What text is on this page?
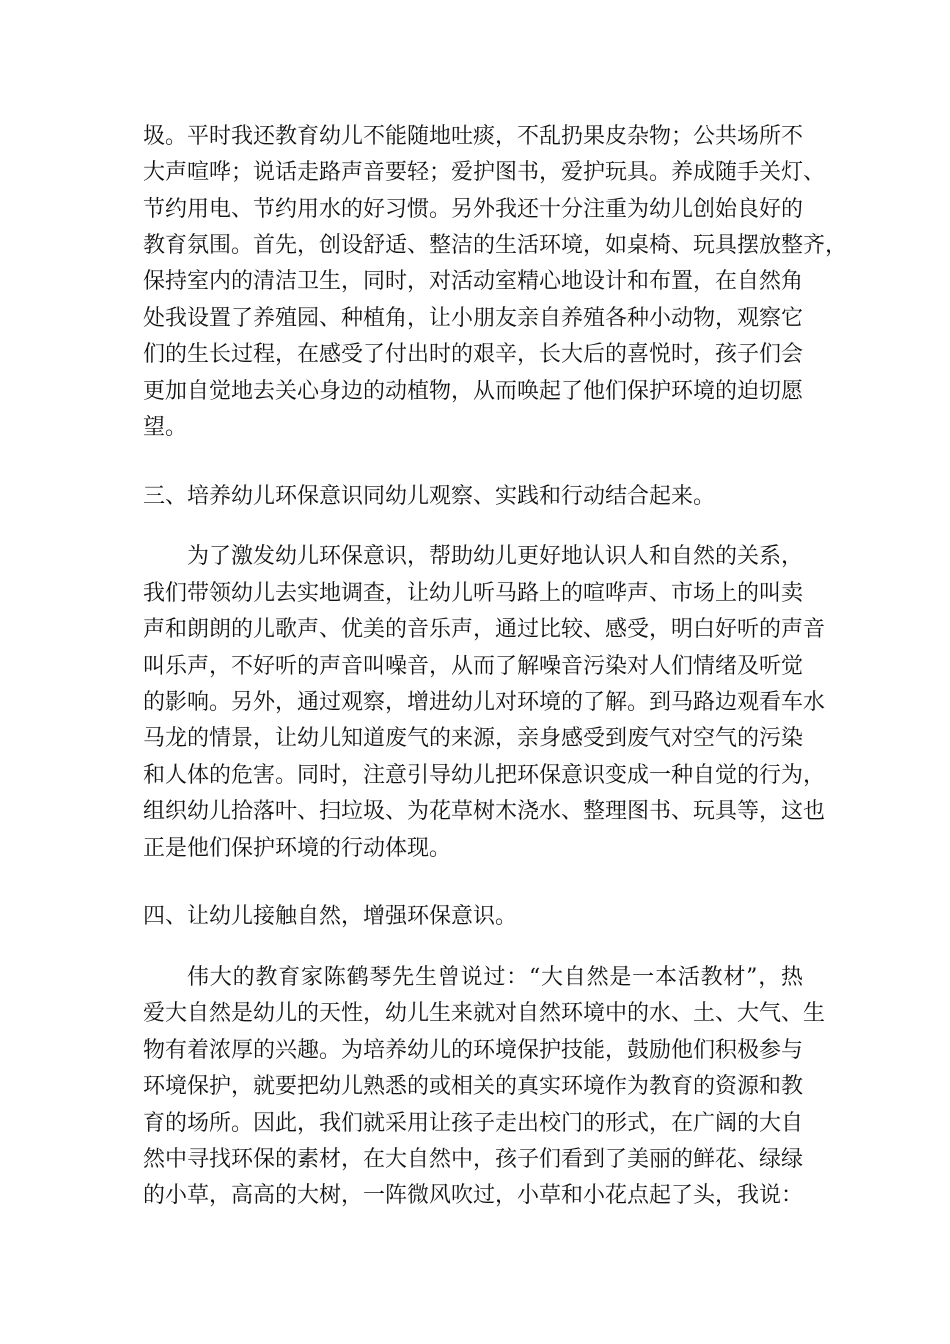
圾。平时我还教育幼儿不能随地吐痰，不乱扔果皮杂物；公共场所不
大声喧哗；说话走路声音要轻；爱护图书，爱护玩具。养成随手关灯、
节约用电、节约用水的好习惯。另外我还十分注重为幼儿创始良好的
教育氛围。首先，创设舒适、整洁的生活环境，如桌椅、玩具摆放整齐，
保持室内的清洁卫生，同时，对活动室精心地设计和布置，在自然角
处我设置了养殖园、种植角，让小朋友亲自养殖各种小动物，观察它
们的生长过程，在感受了付出时的艰辛，长大后的喜悦时，孩子们会
更加自觉地去关心身边的动植物，从而唤起了他们保护环境的迫切愿
望。
三、培养幼儿环保意识同幼儿观察、实践和行动结合起来。
为了激发幼儿环保意识，帮助幼儿更好地认识人和自然的关系，
我们带领幼儿去实地调查，让幼儿听马路上的喧哗声、市场上的叫卖
声和朗朗的儿歌声、优美的音乐声，通过比较、感受，明白好听的声音
叫乐声，不好听的声音叫噪音，从而了解噪音污染对人们情绪及听觉
的影响。另外，通过观察，增进幼儿对环境的了解。到马路边观看车水
马龙的情景，让幼儿知道废气的来源，亲身感受到废气对空气的污染
和人体的危害。同时，注意引导幼儿把环保意识变成一种自觉的行为，
组织幼儿拾落叶、扫垃圾、为花草树木浇水、整理图书、玩具等，这也
正是他们保护环境的行动体现。
四、让幼儿接触自然，增强环保意识。
伟大的教育家陈鹤琴先生曾说过：“大自然是一本活教材”，热
爱大自然是幼儿的天性，幼儿生来就对自然环境中的水、土、大气、生
物有着浓厚的兴趣。为培养幼儿的环境保护技能，鼓励他们积极参与
环境保护，就要把幼儿熟悉的或相关的真实环境作为教育的资源和教
育的场所。因此，我们就采用让孩子走出校门的形式，在广阔的大自
然中寻找环保的素材，在大自然中，孩子们看到了美丽的鲜花、绿绿
的小草，高高的大树，一阵微风吹过，小草和小花点起了头，我说：
